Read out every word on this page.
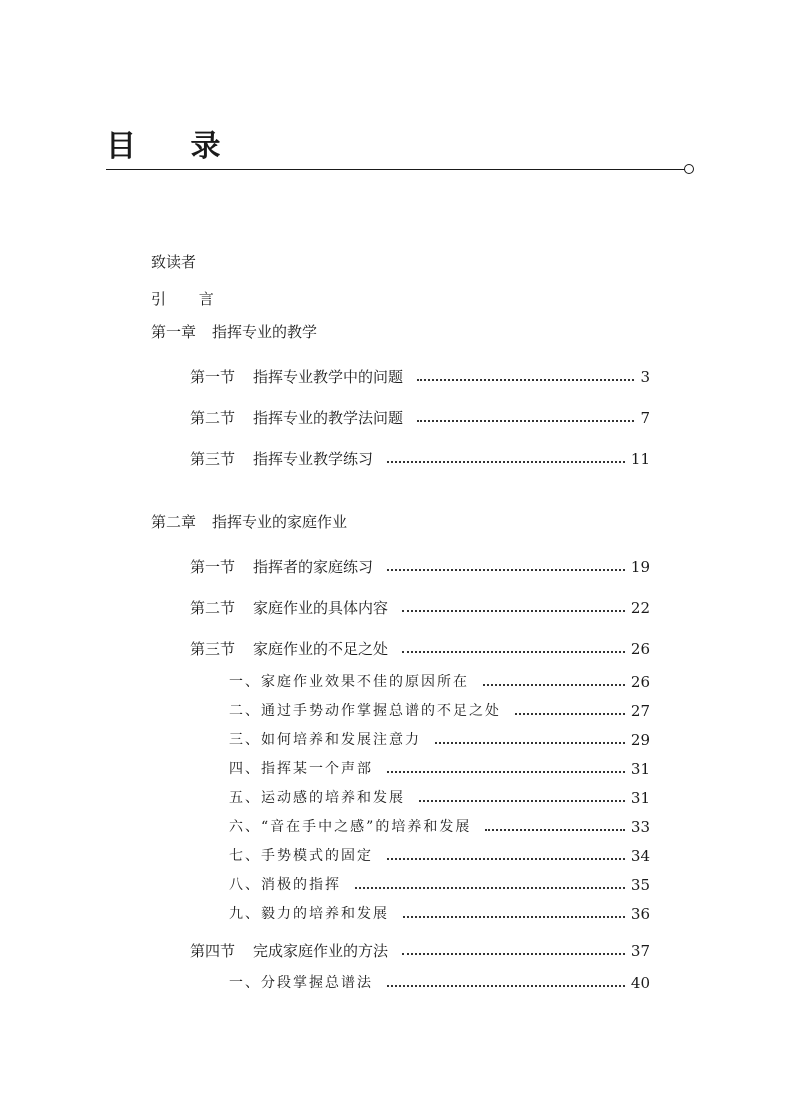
目 录
致读者
引 言
第一章 指挥专业的教学
第一节 指挥专业教学中的问题	3
第二节 指挥专业的教学法问题	7
第三节 指挥专业教学练习	11
第二章 指挥专业的家庭作业
第一节 指挥者的家庭练习	19
第二节 家庭作业的具体内容	22
第三节 家庭作业的不足之处	26
一、家庭作业效果不佳的原因所在	26
二、通过手势动作掌握总谱的不足之处	27
三、如何培养和发展注意力	29
四、指挥某一个声部	31
五、运动感的培养和发展	31
六、“音在手中之感”的培养和发展	33
七、手势模式的固定	34
八、消极的指挥	35
九、毅力的培养和发展	36
第四节 完成家庭作业的方法	37
一、分段掌握总谱法	40
